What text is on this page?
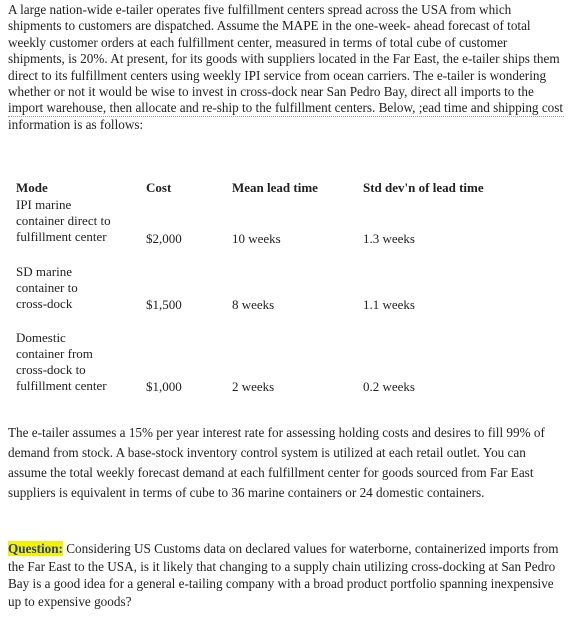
A large nation-wide e-tailer operates five fulfillment centers spread across the USA from which shipments to customers are dispatched. Assume the MAPE in the one-week- ahead forecast of total weekly customer orders at each fulfillment center, measured in terms of total cube of customer shipments, is 20%. At present, for its goods with suppliers located in the Far East, the e-tailer ships them direct to its fulfillment centers using weekly IPI service from ocean carriers. The e-tailer is wondering whether or not it would be wise to invest in cross-dock near San Pedro Bay, direct all imports to the import warehouse, then allocate and re-ship to the fulfillment centers. Below, ;ead time and shipping cost information is as follows:

Mode	Cost	Mean lead time	Std dev'n of lead time
IPI marine
container direct to
fulfillment center	$2,000	10 weeks	1.3 weeks
SD marine
container to
cross-dock	$1,500	8 weeks	1.1 weeks
Domestic
container from
cross-dock to
fulfillment center	$1,000	2 weeks	0.2 weeks

The e-tailer assumes a 15% per year interest rate for assessing holding costs and desires to fill 99% of demand from stock. A base-stock inventory control system is utilized at each retail outlet. You can assume the total weekly forecast demand at each fulfillment center for goods sourced from Far East suppliers is equivalent in terms of cube to 36 marine containers or 24 domestic containers.

Question: Considering US Customs data on declared values for waterborne, containerized imports from the Far East to the USA, is it likely that changing to a supply chain utilizing cross-docking at San Pedro Bay is a good idea for a general e-tailing company with a broad product portfolio spanning inexpensive up to expensive goods?
